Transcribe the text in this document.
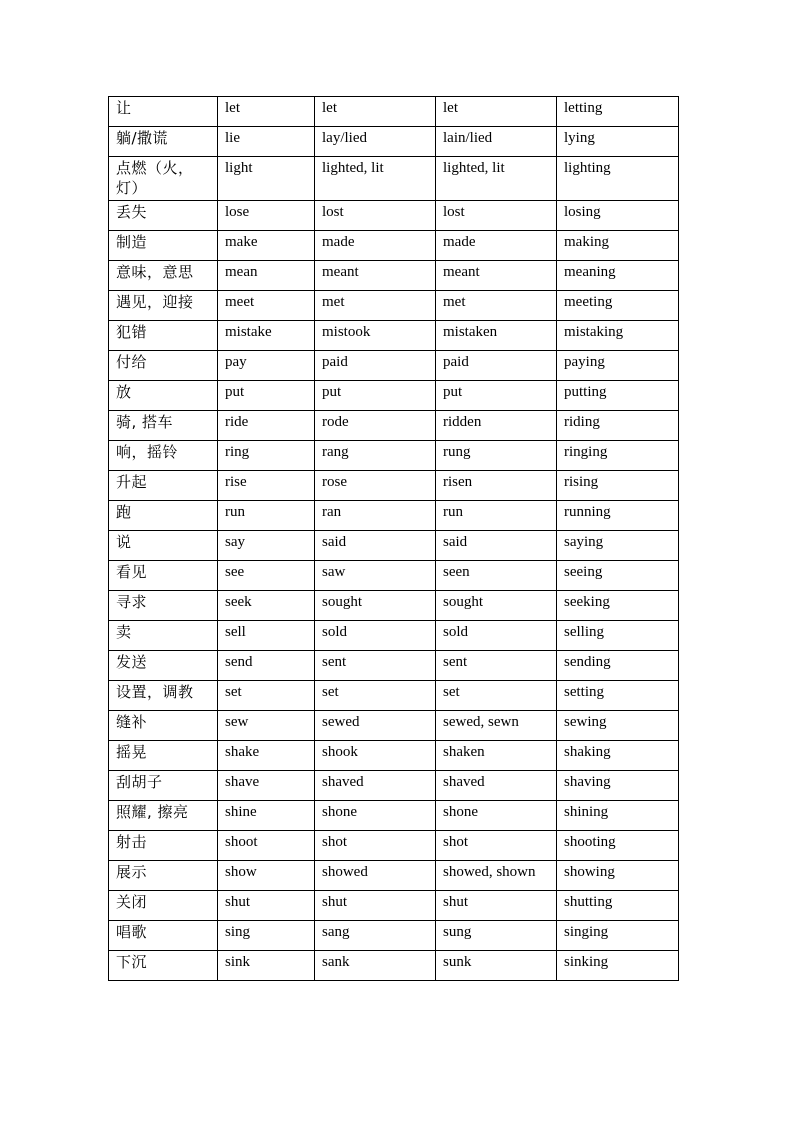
让	let	let	let	letting
躺/撒谎	lie	lay/lied	lain/lied	lying
点燃（火，灯）	light	lighted, lit	lighted, lit	lighting
丢失	lose	lost	lost	losing
制造	make	made	made	making
意味，意思	mean	meant	meant	meaning
遇见，迎接	meet	met	met	meeting
犯错	mistake	mistook	mistaken	mistaking
付给	pay	paid	paid	paying
放	put	put	put	putting
骑, 搭车	ride	rode	ridden	riding
响，摇铃	ring	rang	rung	ringing
升起	rise	rose	risen	rising
跑	run	ran	run	running
说	say	said	said	saying
看见	see	saw	seen	seeing
寻求	seek	sought	sought	seeking
卖	sell	sold	sold	selling
发送	send	sent	sent	sending
设置，调教	set	set	set	setting
缝补	sew	sewed	sewed, sewn	sewing
摇晃	shake	shook	shaken	shaking
刮胡子	shave	shaved	shaved	shaving
照耀, 擦亮	shine	shone	shone	shining
射击	shoot	shot	shot	shooting
展示	show	showed	showed, shown	showing
关闭	shut	shut	shut	shutting
唱歌	sing	sang	sung	singing
下沉	sink	sank	sunk	sinking
